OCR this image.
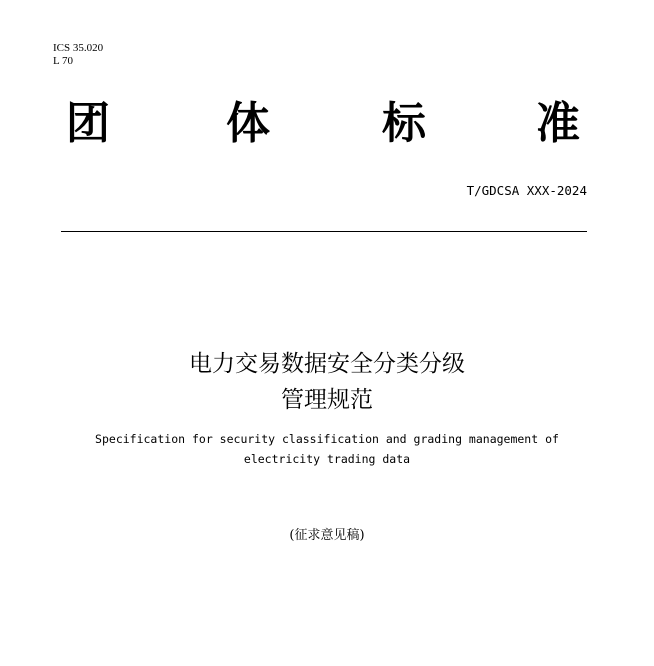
ICS 35.020
L 70
团	体	标	准
T/GDCSA XXX-2024
电力交易数据安全分类分级
管理规范
Specification for security classification and grading management of
electricity trading data
(征求意见稿)
